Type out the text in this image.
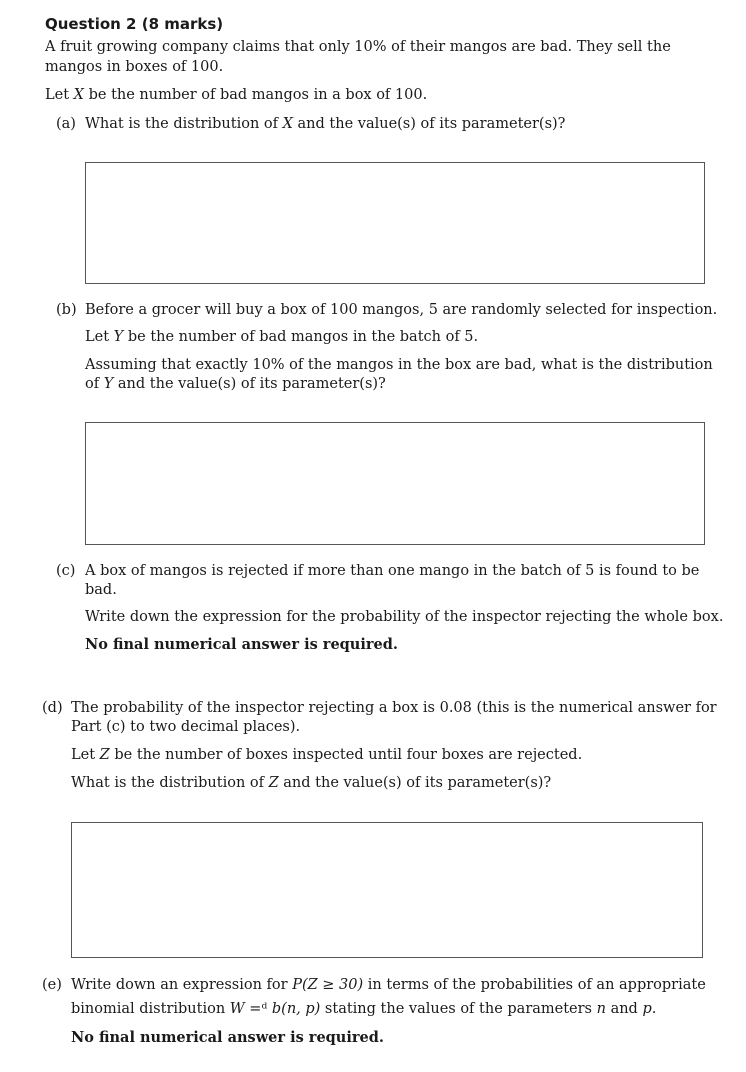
Question 2 (8 marks)
A fruit growing company claims that only 10% of their mangos are bad. They sell the
mangos in boxes of 100.
Let X be the number of bad mangos in a box of 100.
(a) What is the distribution of X and the value(s) of its parameter(s)?
(b) Before a grocer will buy a box of 100 mangos, 5 are randomly selected for inspection.
Let Y be the number of bad mangos in the batch of 5.
Assuming that exactly 10% of the mangos in the box are bad, what is the distribution
of Y and the value(s) of its parameter(s)?
(c) A box of mangos is rejected if more than one mango in the batch of 5 is found to be
bad.
Write down the expression for the probability of the inspector rejecting the whole box.
No final numerical answer is required.
(d) The probability of the inspector rejecting a box is 0.08 (this is the numerical answer for
Part (c) to two decimal places).
Let Z be the number of boxes inspected until four boxes are rejected.
What is the distribution of Z and the value(s) of its parameter(s)?
(e) Write down an expression for P(Z ≥ 30) in terms of the probabilities of an appropriate
binomial distribution W =ᵈ b(n, p) stating the values of the parameters n and p.
No final numerical answer is required.
